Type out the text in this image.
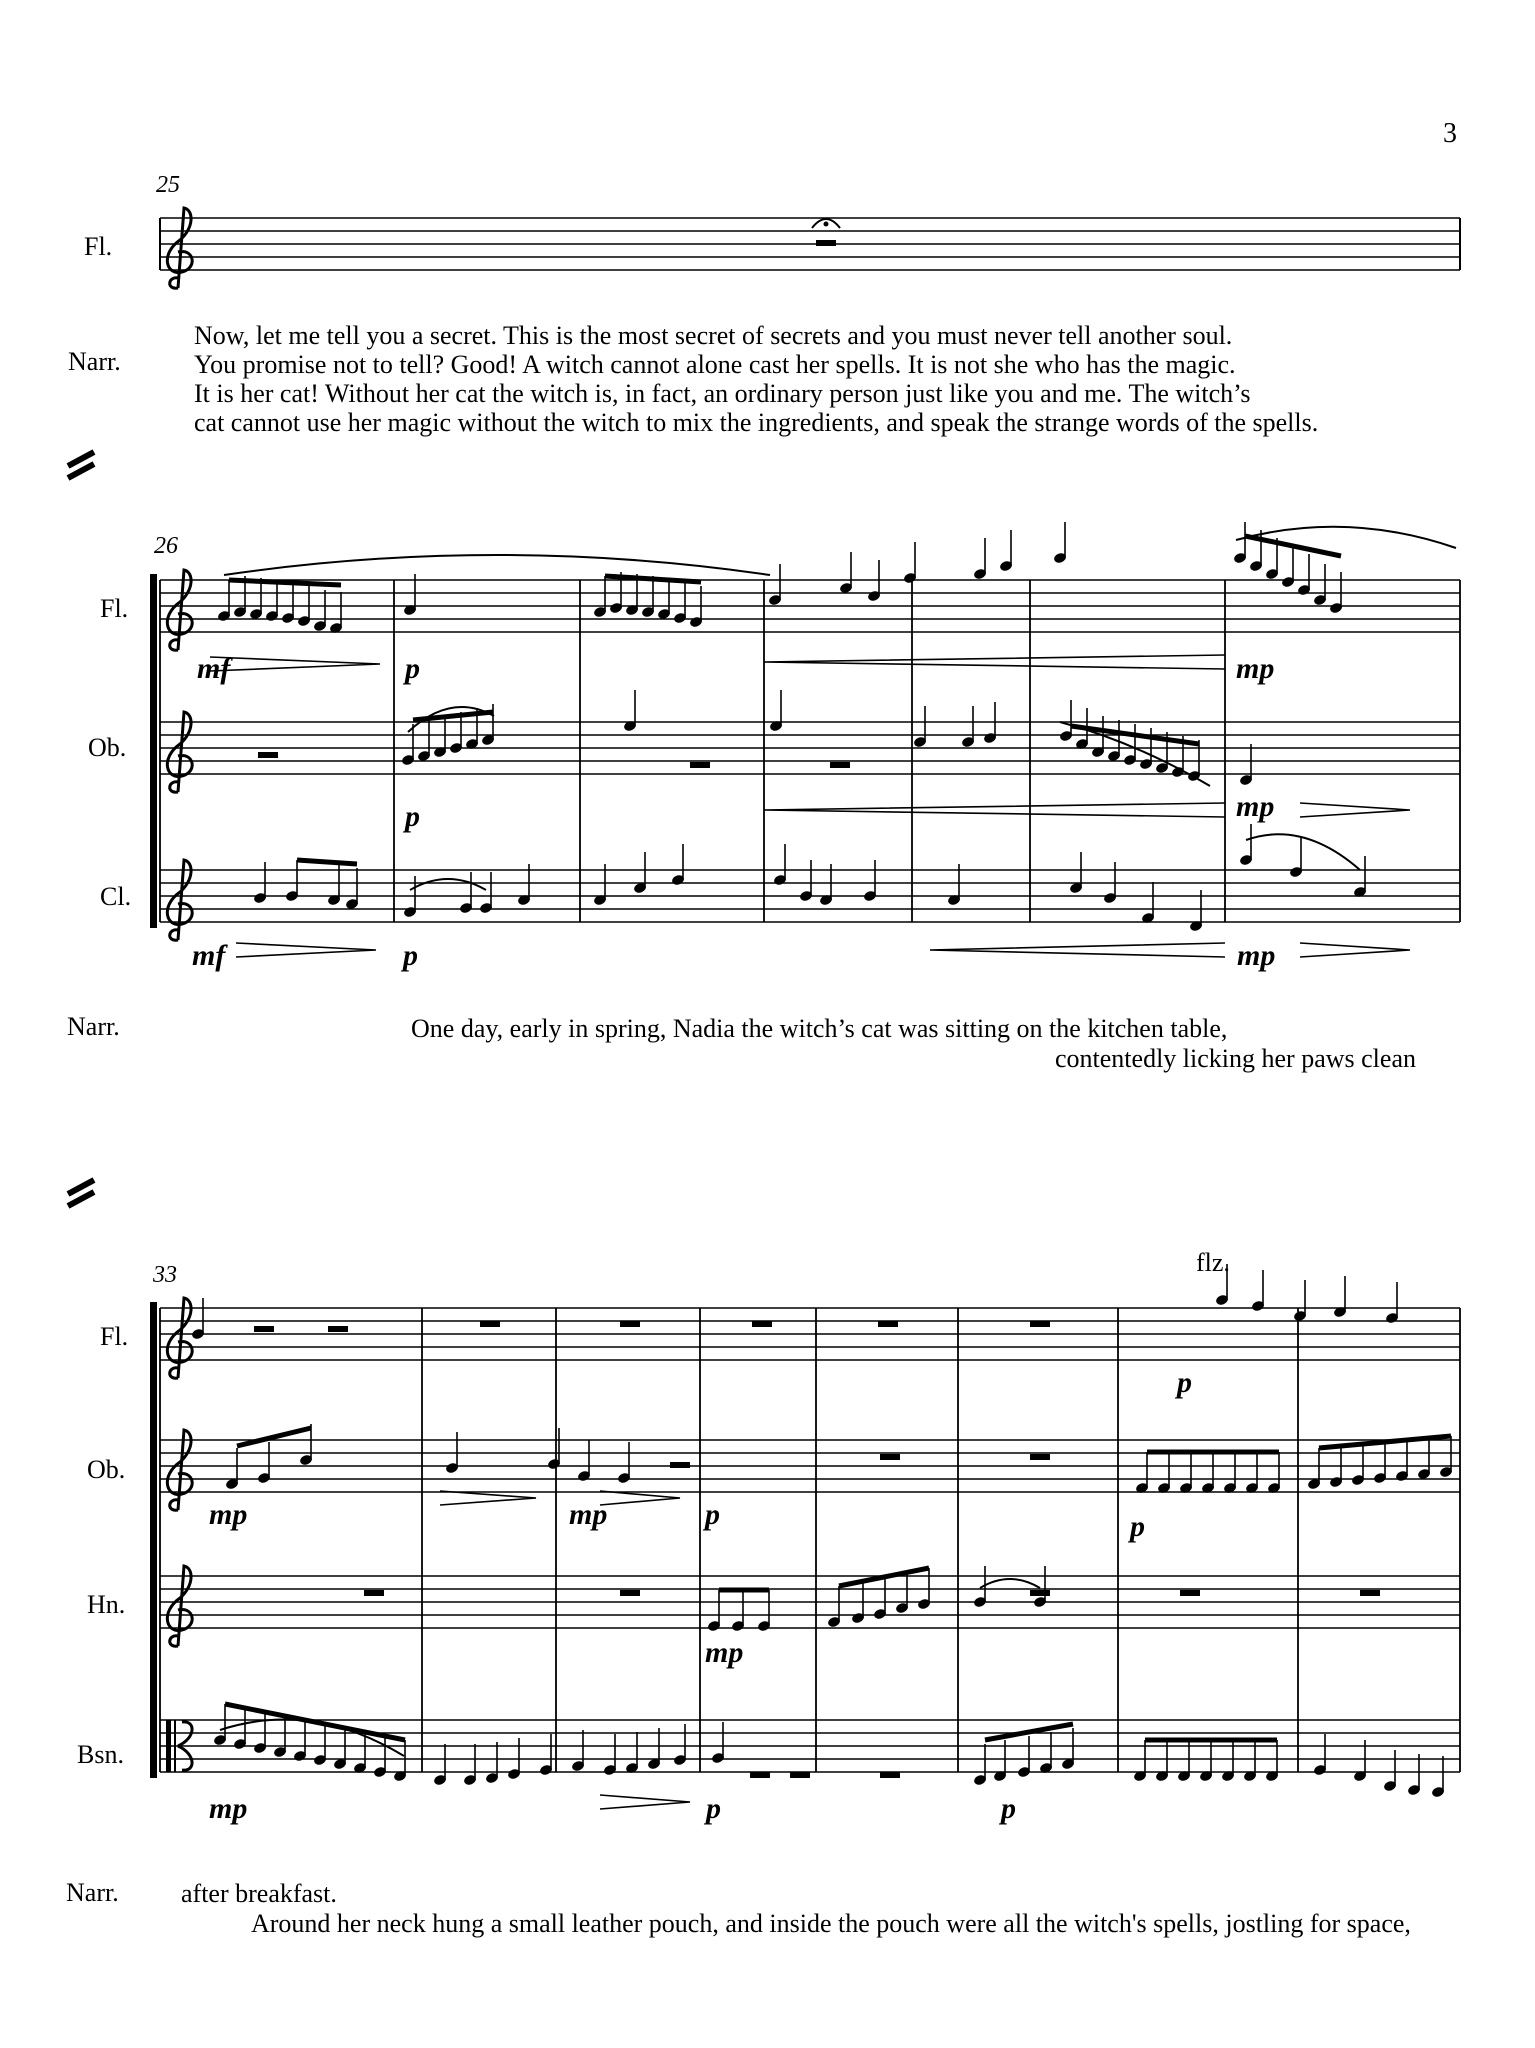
3
25
Fl.
Narr.
Now, let me tell you a secret. This is the most secret of secrets and you must never tell another soul.
You promise not to tell? Good! A witch cannot alone cast her spells. It is not she who has the magic.
It is her cat! Without her cat the witch is, in fact, an ordinary person just like you and me. The witch’s
cat cannot use her magic without the witch to mix the ingredients, and speak the strange words of the spells.
26
Fl.
Ob.
Cl.
mf	p	mp
p	mp
mf	p	mp
Narr.	One day, early in spring, Nadia the witch’s cat was sitting on the kitchen table,
contentedly licking her paws clean
33
Fl.
Ob.
Hn.
Bsn.
flz.
p
mp	mp	p	p
mp
mp	p	p
Narr. after breakfast.
Around her neck hung a small leather pouch, and inside the pouch were all the witch's spells, jostling for space,
